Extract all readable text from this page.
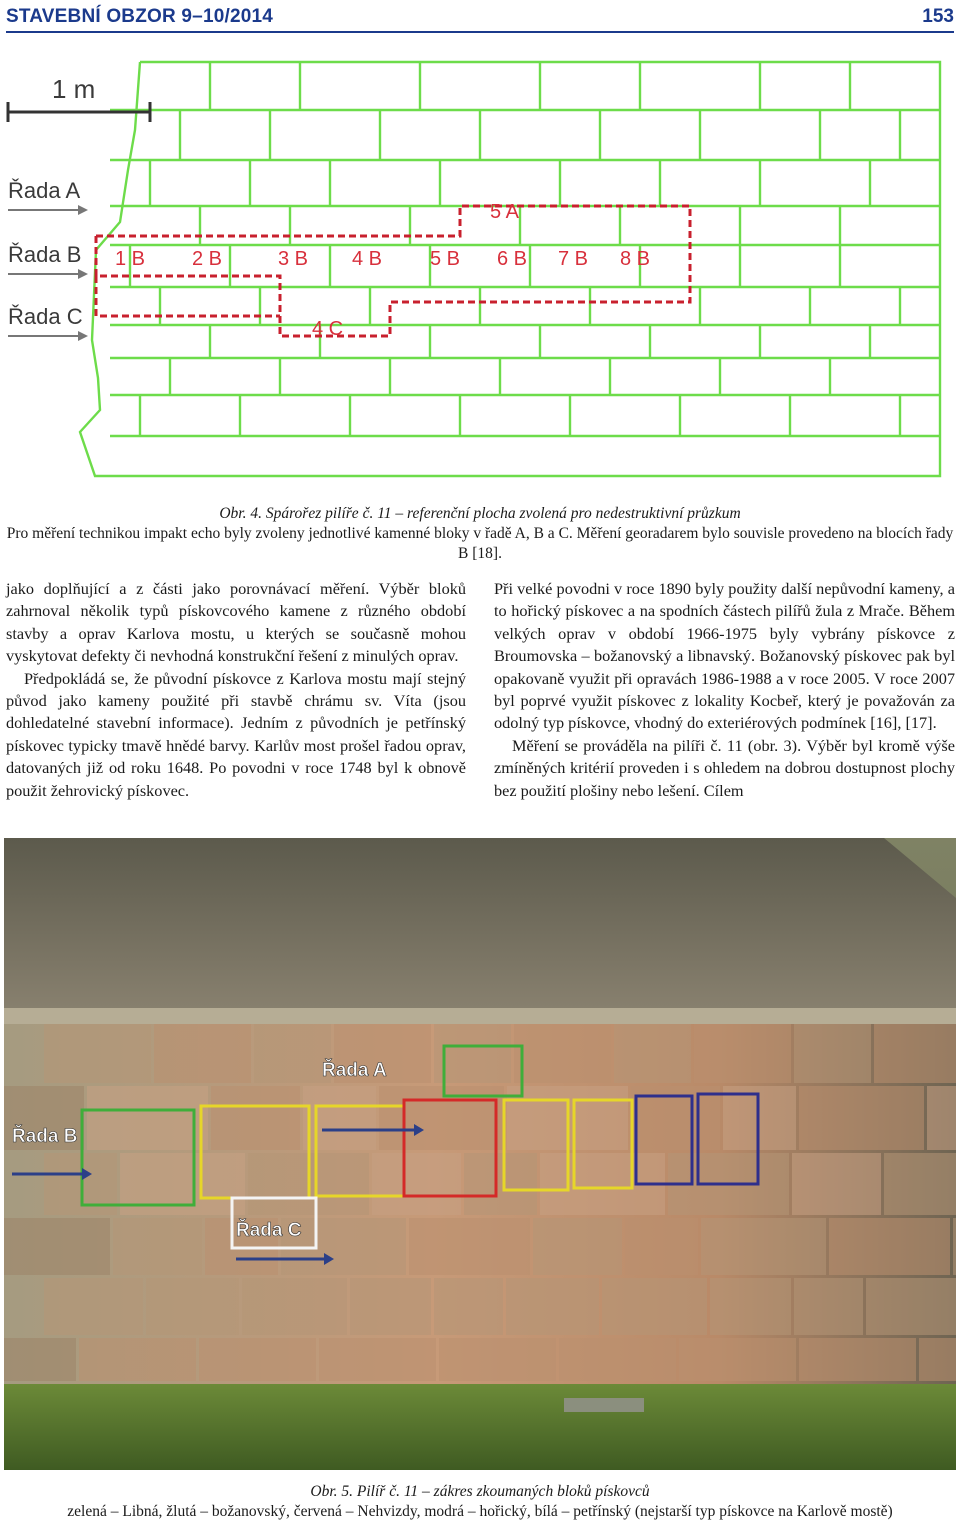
STAVEBNÍ OBZOR 9–10/2014	153
1 m
Řada A
Řada B
Řada C
1 B 2 B	3 B 4 B 5 B 6 B 7 B 8 B
5 A
4 C
Obr. 4. Spárořez pilíře č. 11 – referenční plocha zvolená pro nedestruktivní průzkum
Pro měření technikou impakt echo byly zvoleny jednotlivé kamenné bloky v řadě A, B a C. Měření georadarem bylo souvisle provedeno na blocích řady B [18].

jako doplňující a z části jako porovnávací měření. Výběr bloků zahrnoval několik typů pískovcového kamene z různého období stavby a oprav Karlova mostu, u kterých se současně mohou vyskytovat defekty či nevhodná konstrukční řešení z minulých oprav.

Předpokládá se, že původní pískovce z Karlova mostu mají stejný původ jako kameny použité při stavbě chrámu sv. Víta (jsou dohledatelné stavební informace). Jedním z původních je petřínský pískovec typicky tmavě hnědé barvy. Karlův most prošel řadou oprav, datovaných již od roku 1648. Po povodni v roce 1748 byl k obnově použit žehrovický pískovec.

Při velké povodni v roce 1890 byly použity další nepůvodní kameny, a to hořický pískovec a na spodních částech pilířů žula z Mrače. Během velkých oprav v období 1966-1975 byly vybrány pískovce z Broumovska – božanovský a libnavský. Božanovský pískovec pak byl opakovaně využit při opravách 1986-1988 a v roce 2005. V roce 2007 byl poprvé využit pískovec z lokality Kocbeř, který je považován za odolný typ pískovce, vhodný do exteriérových podmínek [16], [17].

Měření se prováděla na pilíři č. 11 (obr. 3). Výběr byl kromě výše zmíněných kritérií proveden i s ohledem na dobrou dostupnost plochy bez použití plošiny nebo lešení. Cílem

Řada A
Řada B
Řada C
Obr. 5. Pilíř č. 11 – zákres zkoumaných bloků pískovců
zelená – Libná, žlutá – božanovský, červená – Nehvizdy, modrá – hořický, bílá – petřínský (nejstarší typ pískovce na Karlově mostě)
